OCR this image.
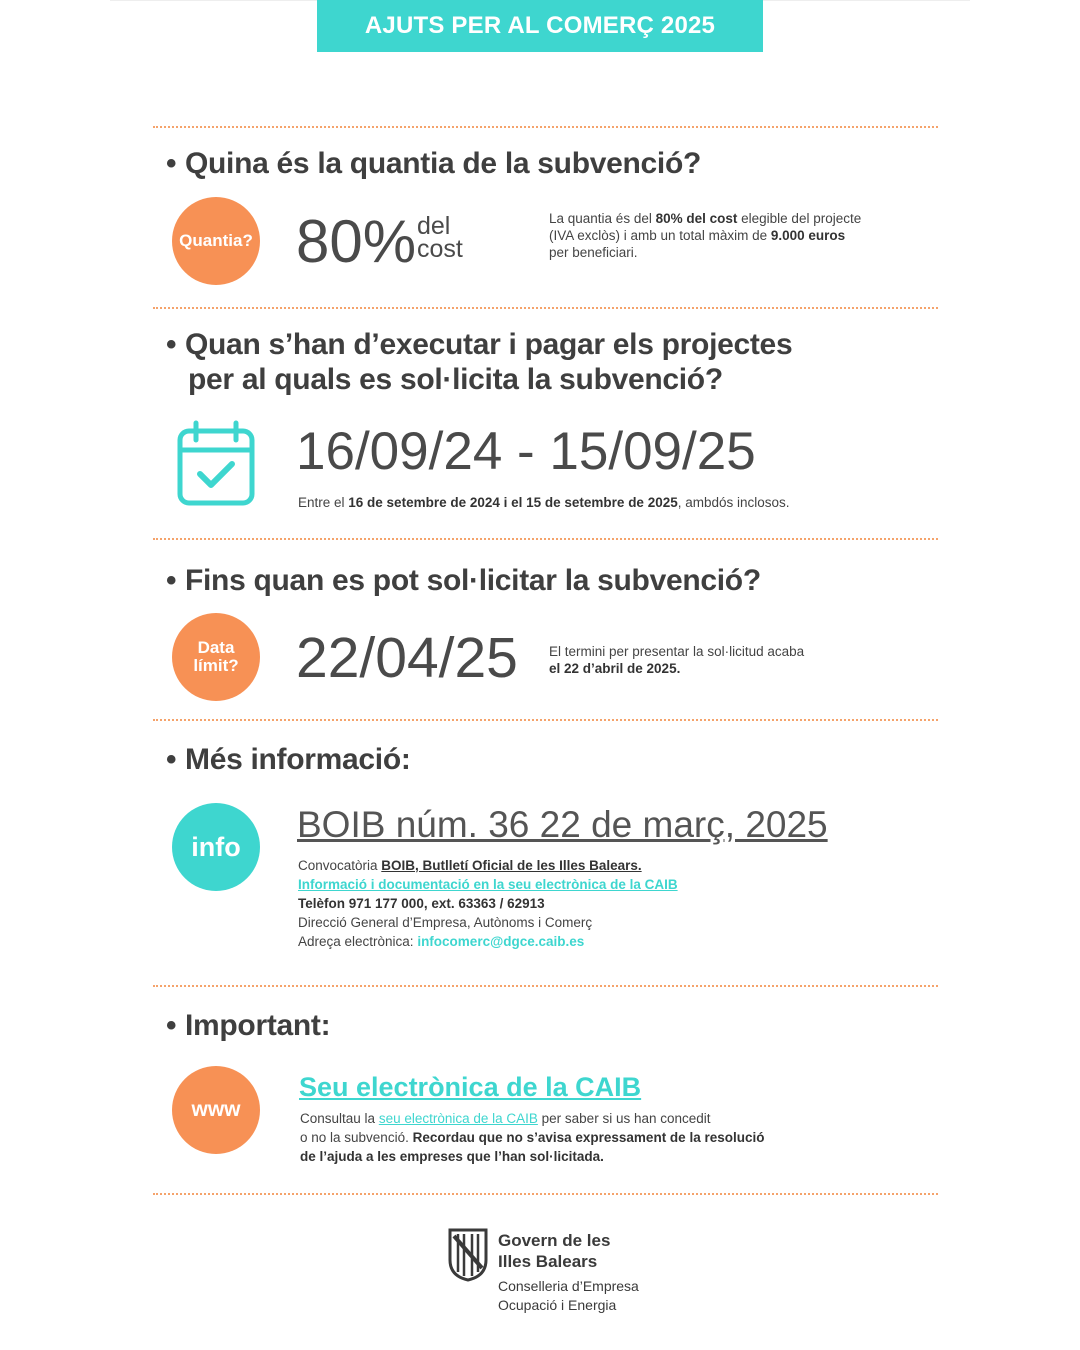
AJUTS PER AL COMERÇ 2025
• Quina és la quantia de la subvenció?
Quantia? 80% del
cost
La quantia és del 80% del cost elegible del projecte
(IVA exclòs) i amb un total màxim de 9.000 euros
per beneficiari.
• Quan s’han d’executar i pagar els projectes
per al quals es sol·licita la subvenció?
16/09/24 - 15/09/25
Entre el 16 de setembre de 2024 i el 15 de setembre de 2025, ambdós inclosos.
• Fins quan es pot sol·licitar la subvenció?
Data
límit? 22/04/25 El termini per presentar la sol·licitud acaba
el 22 d’abril de 2025.
• Més informació:
info
BOIB núm. 36 22 de març, 2025
Convocatòria BOIB, Butlletí Oficial de les Illes Balears.
Informació i documentació en la seu electrònica de la CAIB
Telèfon 971 177 000, ext. 63363 / 62913
Direcció General d’Empresa, Autònoms i Comerç
Adreça electrònica: infocomerc@dgce.caib.es
• Important:
www
Seu electrònica de la CAIB
Consultau la seu electrònica de la CAIB per saber si us han concedit
o no la subvenció. Recordau que no s’avisa expressament de la resolució
de l’ajuda a les empreses que l’han sol·licitada.
Govern de les
Illes Balears
Conselleria d’Empresa
Ocupació i Energia
